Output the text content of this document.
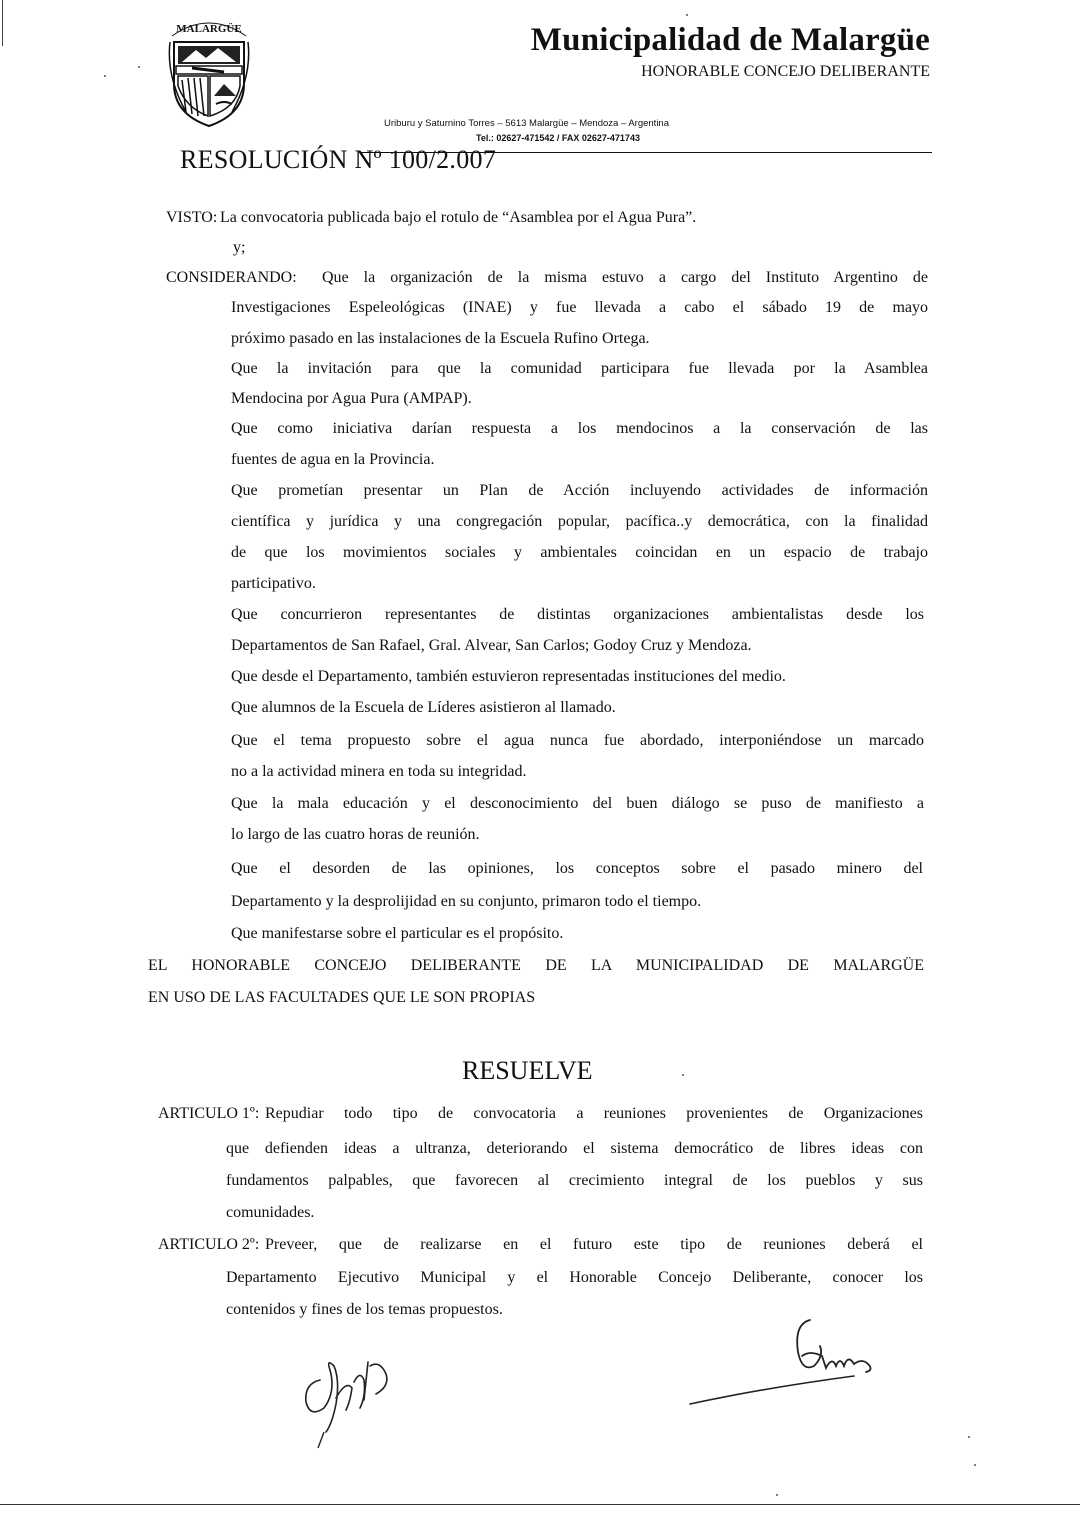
MALARGÜE	Municipalidad de Malargüe
HONORABLE CONCEJO DELIBERANTE
Uriburu y Saturnino Torres – 5613 Malargüe – Mendoza – Argentina
Tel.: 02627-471542 / FAX 02627-471743
RESOLUCIÓN Nº 100/2.007
VISTO: La convocatoria publicada bajo el rotulo de “Asamblea por el Agua Pura”.
y;
CONSIDERANDO: Que la organización de la misma estuvo a cargo del Instituto Argentino de
Investigaciones Espeleológicas (INAE) y fue llevada a cabo el sábado 19 de mayo
próximo pasado en las instalaciones de la Escuela Rufino Ortega.
Que la invitación para que la comunidad participara fue llevada por la Asamblea
Mendocina por Agua Pura (AMPAP).
Que como iniciativa darían respuesta a los mendocinos a la conservación de las
fuentes de agua en la Provincia.
Que prometían presentar un Plan de Acción incluyendo actividades de información
científica y jurídica y una congregación popular, pacífica..y democrática, con la finalidad
de que los movimientos sociales y ambientales coincidan en un espacio de trabajo
participativo.
Que concurrieron representantes de distintas organizaciones ambientalistas desde los
Departamentos de San Rafael, Gral. Alvear, San Carlos; Godoy Cruz y Mendoza.
Que desde el Departamento, también estuvieron representadas instituciones del medio.
Que alumnos de la Escuela de Líderes asistieron al llamado.
Que el tema propuesto sobre el agua nunca fue abordado, interponiéndose un marcado
no a la actividad minera en toda su integridad.
Que la mala educación y el desconocimiento del buen diálogo se puso de manifiesto a
lo largo de las cuatro horas de reunión.
Que el desorden de las opiniones, los conceptos sobre el pasado minero del
Departamento y la desprolijidad en su conjunto, primaron todo el tiempo.
Que manifestarse sobre el particular es el propósito.
EL HONORABLE CONCEJO DELIBERANTE DE LA MUNICIPALIDAD DE MALARGÜE
EN USO DE LAS FACULTADES QUE LE SON PROPIAS
RESUELVE
ARTICULO 1º: Repudiar todo tipo de convocatoria a reuniones provenientes de Organizaciones
que defienden ideas a ultranza, deteriorando el sistema democrático de libres ideas con
fundamentos palpables, que favorecen al crecimiento integral de los pueblos y sus
comunidades.
ARTICULO 2º: Preveer, que de realizarse en el futuro este tipo de reuniones deberá el
Departamento Ejecutivo Municipal y el Honorable Concejo Deliberante, conocer los
contenidos y fines de los temas propuestos.
